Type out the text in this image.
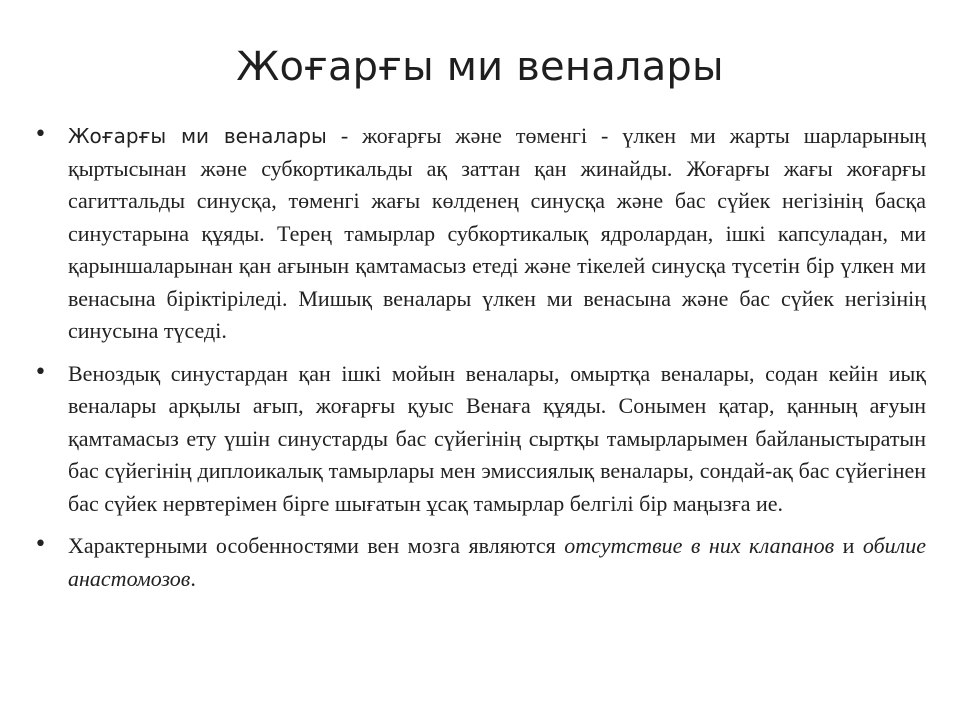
Жоғарғы ми веналары
• Жоғарғы ми веналары - жоғарғы және төменгі - үлкен ми жарты шарларының қыртысынан және субкортикальды ақ заттан қан жинайды. Жоғарғы жағы жоғарғы сагиттальды синусқа, төменгі жағы көлденең синусқа және бас сүйек негізінің басқа синустарына құяды. Терең тамырлар субкортикалық ядролардан, ішкі капсуладан, ми қарыншаларынан қан ағынын қамтамасыз етеді және тікелей синусқа түсетін бір үлкен ми венасына біріктіріледі. Мишық веналары үлкен ми венасына және бас сүйек негізінің синусына түседі.
• Веноздық синустардан қан ішкі мойын веналары, омыртқа веналары, содан кейін иық веналары арқылы ағып, жоғарғы қуыс Венаға құяды. Сонымен қатар, қанның ағуын қамтамасыз ету үшін синустарды бас сүйегінің сыртқы тамырларымен байланыстыратын бас сүйегінің диплоикалық тамырлары мен эмиссиялық веналары, сондай-ақ бас сүйегінен бас сүйек нервтерімен бірге шығатын ұсақ тамырлар белгілі бір маңызға ие.
• Характерными особенностями вен мозга являются отсутствие в них клапанов и обилие анастомозов.
